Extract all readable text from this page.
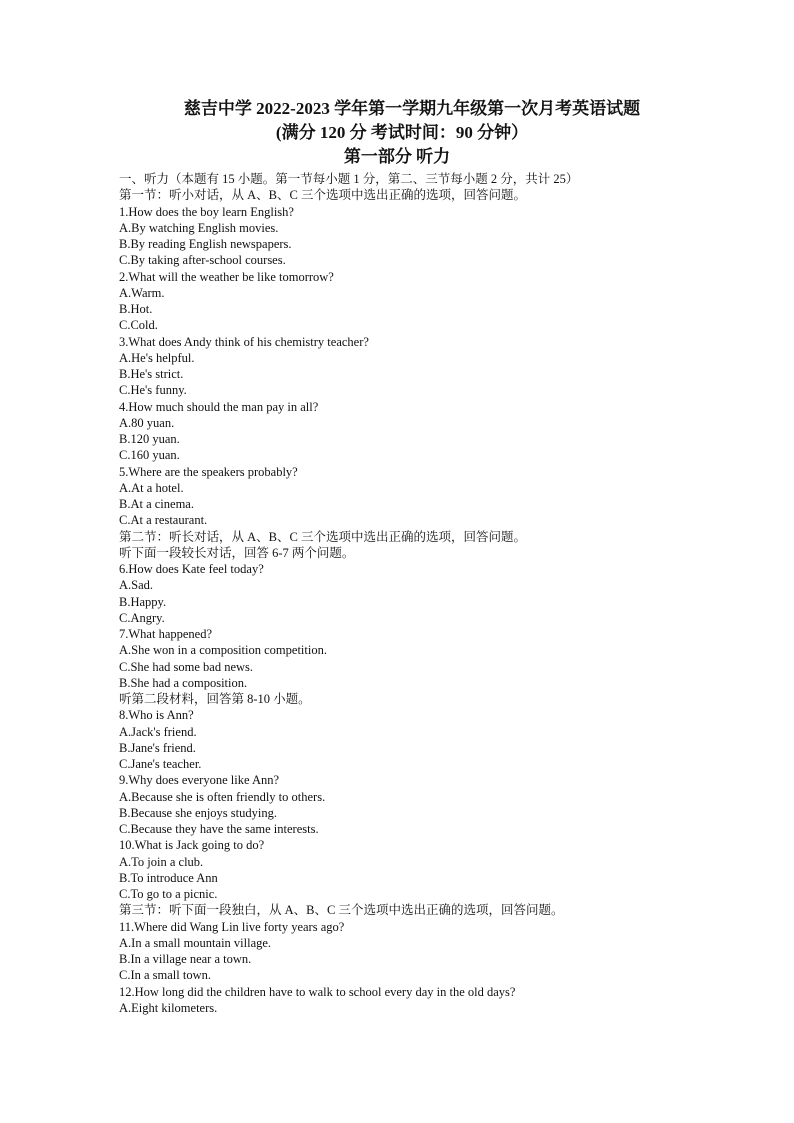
慈吉中学 2022-2023 学年第一学期九年级第一次月考英语试题
(满分 120 分 考试时间：90 分钟）
第一部分 听力
一、听力（本题有 15 小题。第一节每小题 1 分，第二、三节每小题 2 分，共计 25）
第一节：听小对话，从 A、B、C 三个选项中选出正确的选项，回答问题。
1.How does the boy learn English?
A.By watching English movies.
B.By reading English newspapers.
C.By taking after-school courses.
2.What will the weather be like tomorrow?
A.Warm.
B.Hot.
C.Cold.
3.What does Andy think of his chemistry teacher?
A.He's helpful.
B.He's strict.
C.He's funny.
4.How much should the man pay in all?
A.80 yuan.
B.120 yuan.
C.160 yuan.
5.Where are the speakers probably?
A.At a hotel.
B.At a cinema.
C.At a restaurant.
第二节：听长对话，从 A、B、C 三个选项中选出正确的选项，回答问题。
听下面一段较长对话，回答 6-7 两个问题。
6.How does Kate feel today?
A.Sad.
B.Happy.
C.Angry.
7.What happened?
A.She won in a composition competition.
C.She had some bad news.
B.She had a composition.
听第二段材料，回答第 8-10 小题。
8.Who is Ann?
A.Jack's friend.
B.Jane's friend.
C.Jane's teacher.
9.Why does everyone like Ann?
A.Because she is often friendly to others.
B.Because she enjoys studying.
C.Because they have the same interests.
10.What is Jack going to do?
A.To join a club.
B.To introduce Ann
C.To go to a picnic.
第三节：听下面一段独白，从 A、B、C 三个选项中选出正确的选项，回答问题。
11.Where did Wang Lin live forty years ago?
A.In a small mountain village.
B.In a village near a town.
C.In a small town.
12.How long did the children have to walk to school every day in the old days?
A.Eight kilometers.
